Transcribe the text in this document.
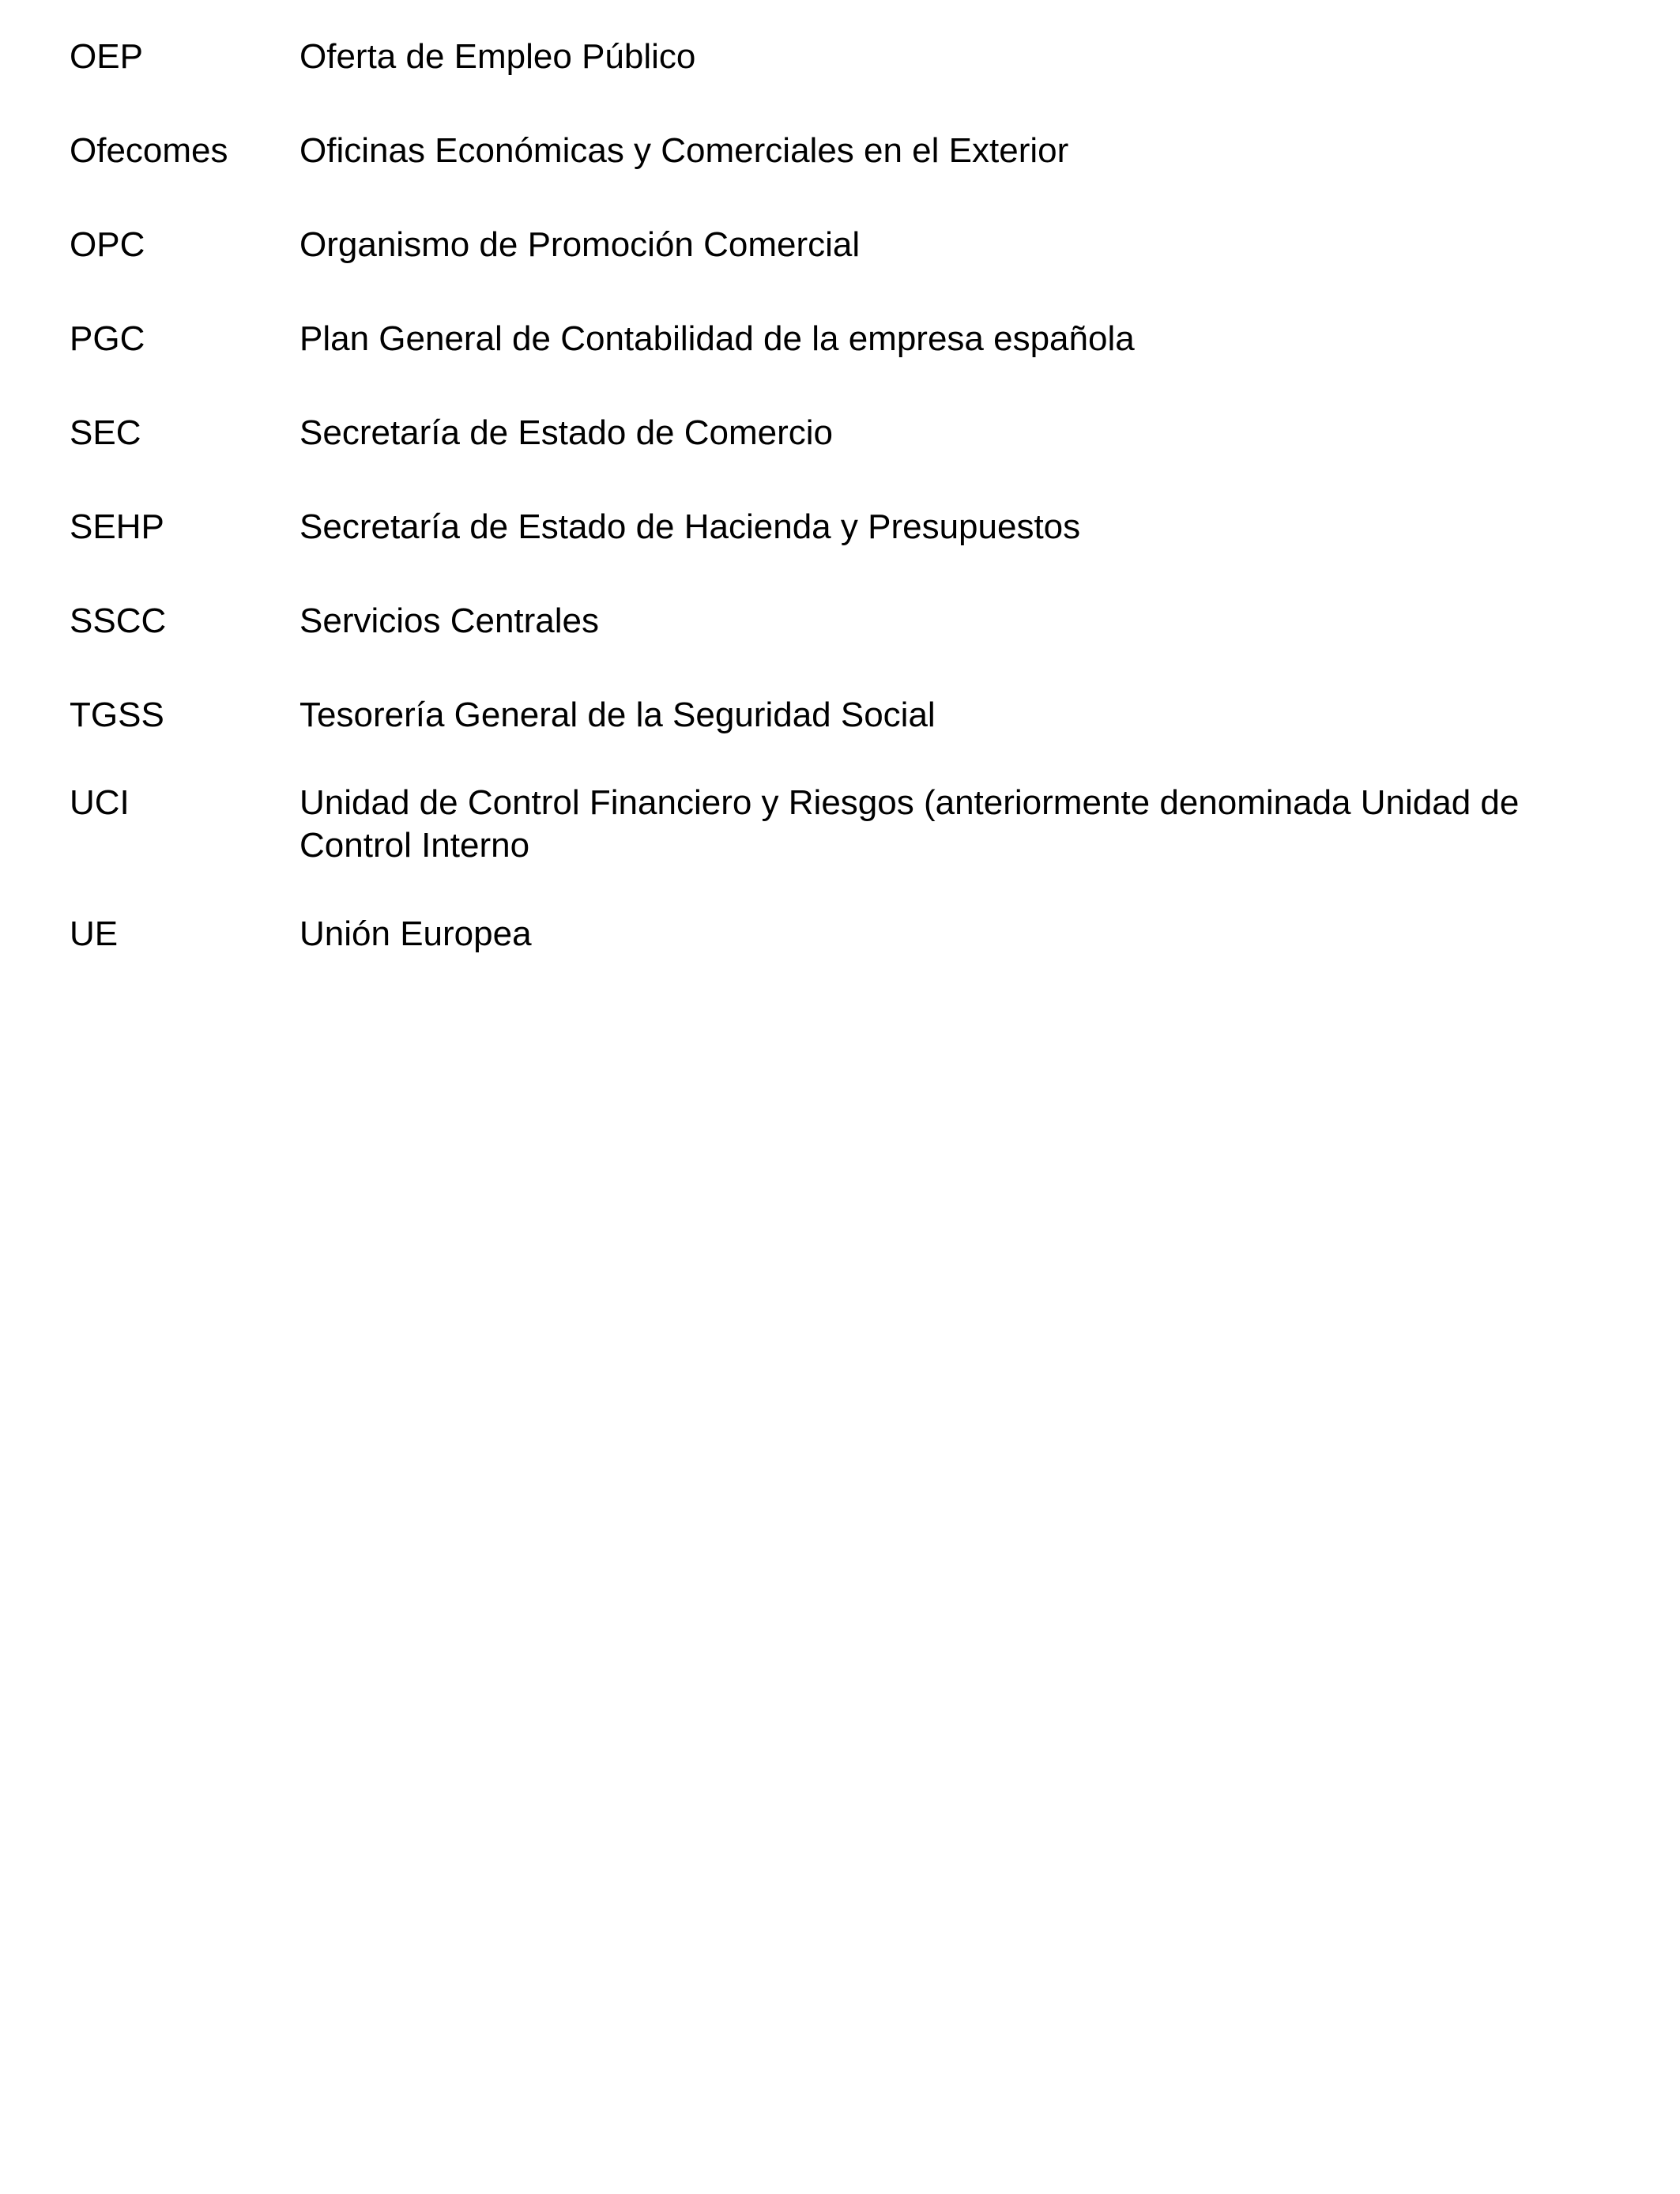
OEP	Oferta de Empleo Público
Ofecomes Oficinas Económicas y Comerciales en el Exterior
OPC	Organismo de Promoción Comercial
PGC	Plan General de Contabilidad de la empresa española
SEC	Secretaría de Estado de Comercio
SEHP	Secretaría de Estado de Hacienda y Presupuestos
SSCC	Servicios Centrales
TGSS	Tesorería General de la Seguridad Social
UCI	Unidad de Control Financiero y Riesgos (anteriormente denominada Unidad de Control Interno
UE	Unión Europea
